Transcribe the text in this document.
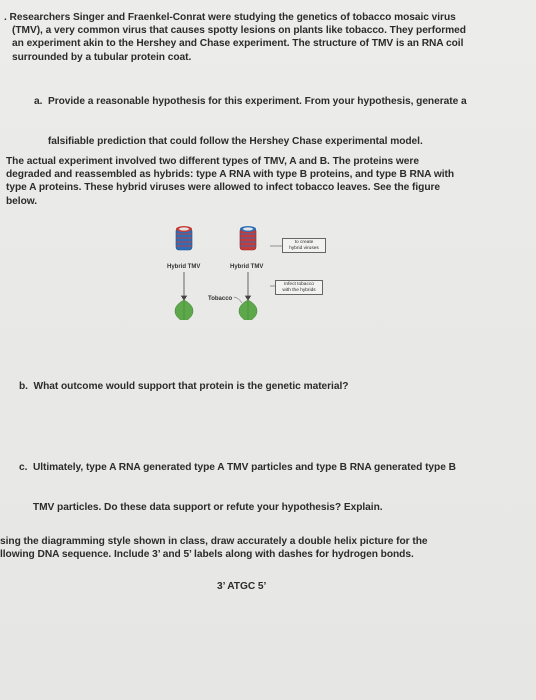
. Researchers Singer and Fraenkel-Conrat were studying the genetics of tobacco mosaic virus
(TMV), a very common virus that causes spotty lesions on plants like tobacco. They performed
an experiment akin to the Hershey and Chase experiment. The structure of TMV is an RNA coil
surrounded by a tubular protein coat.

a.  Provide a reasonable hypothesis for this experiment. From your hypothesis, generate a

falsifiable prediction that could follow the Hershey Chase experimental model.

The actual experiment involved two different types of TMV, A and B. The proteins were
degraded and reassembled as hybrids: type A RNA with type B proteins, and type B RNA with
type A proteins. These hybrid viruses were allowed to infect tobacco leaves. See the figure
below.
Hybrid TMV	Hybrid TMV
Tobacco
to create
hybrid viruses
Infect tobacco
with the hybrids

b.  What outcome would support that protein is the genetic material?

c.  Ultimately, type A RNA generated type A TMV particles and type B RNA generated type B

TMV particles. Do these data support or refute your hypothesis? Explain.

sing the diagramming style shown in class, draw accurately a double helix picture for the
llowing DNA sequence. Include 3’ and 5’ labels along with dashes for hydrogen bonds.
3’ ATGC 5’
